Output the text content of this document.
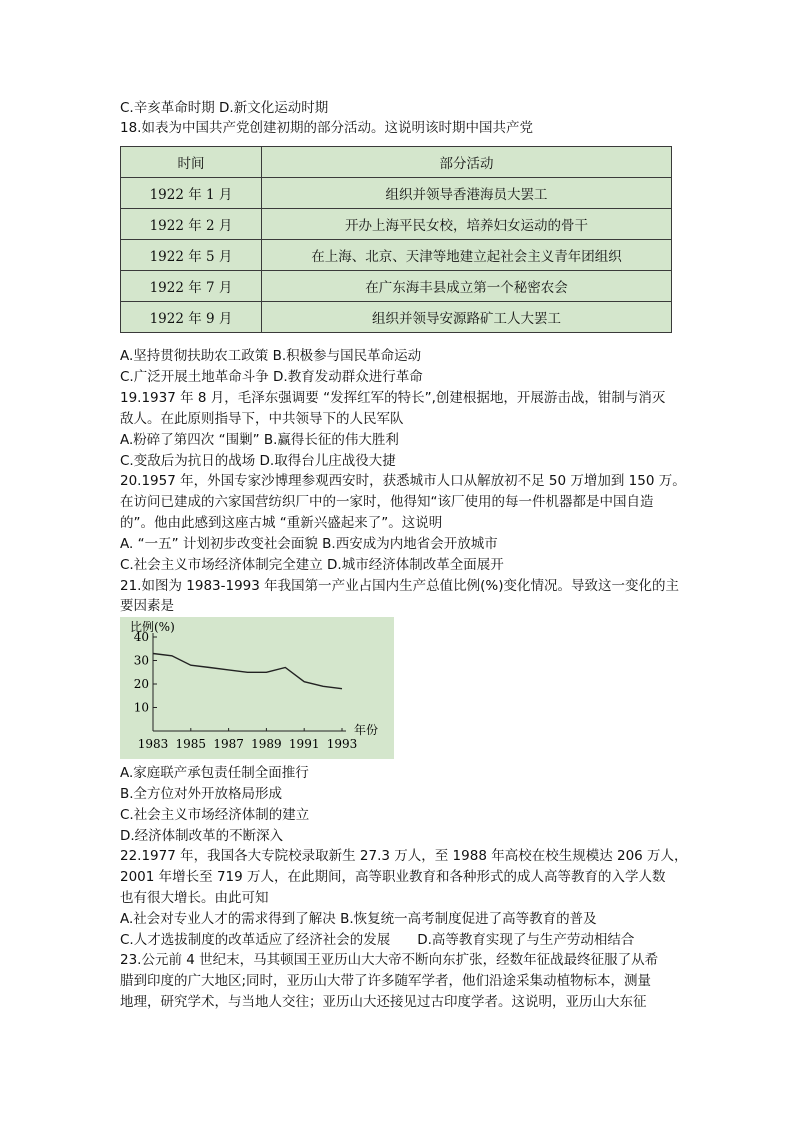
C.辛亥革命时期 D.新文化运动时期
18.如表为中国共产党创建初期的部分活动。这说明该时期中国共产党
时间	部分活动
1922 年 1 月	组织并领导香港海员大罢工
1922 年 2 月	开办上海平民女校，培养妇女运动的骨干
1922 年 5 月	在上海、北京、天津等地建立起社会主义青年团组织
1922 年 7 月	在广东海丰县成立第一个秘密农会
1922 年 9 月	组织并领导安源路矿工人大罢工
A.坚持贯彻扶助农工政策 B.积极参与国民革命运动
C.广泛开展土地革命斗争 D.教育发动群众进行革命
19.1937 年 8 月，毛泽东强调要 “发挥红军的特长”,创建根据地，开展游击战，钳制与消灭
敌人。在此原则指导下，中共领导下的人民军队
A.粉碎了第四次 “围剿” B.赢得长征的伟大胜利
C.变敌后为抗日的战场 D.取得台儿庄战役大捷
20.1957 年，外国专家沙博理参观西安时，获悉城市人口从解放初不足 50 万增加到 150 万。
在访问已建成的六家国营纺织厂中的一家时，他得知“该厂使用的每一件机器都是中国自造
的”。他由此感到这座古城 “重新兴盛起来了”。这说明
A. “一五” 计划初步改变社会面貌 B.西安成为内地省会开放城市
C.社会主义市场经济体制完全建立 D.城市经济体制改革全面展开
21.如图为 1983-1993 年我国第一产业占国内生产总值比例(%)变化情况。导致这一变化的主
要因素是
比例(%)
年份
10
20
30
40
1983 1985 1987 1989 1991 1993
A.家庭联产承包责任制全面推行
B.全方位对外开放格局形成
C.社会主义市场经济体制的建立
D.经济体制改革的不断深入
22.1977 年，我国各大专院校录取新生 27.3 万人，至 1988 年高校在校生规模达 206 万人，
2001 年增长至 719 万人，在此期间，高等职业教育和各种形式的成人高等教育的入学人数
也有很大增长。由此可知
A.社会对专业人才的需求得到了解决 B.恢复统一高考制度促进了高等教育的普及
C.人才选拔制度的改革适应了经济社会的发展　　D.高等教育实现了与生产劳动相结合
23.公元前 4 世纪末，马其顿国王亚历山大大帝不断向东扩张，经数年征战最终征服了从希
腊到印度的广大地区;同时，亚历山大带了许多随军学者，他们沿途采集动植物标本，测量
地理，研究学术，与当地人交往；亚历山大还接见过古印度学者。这说明，亚历山大东征
